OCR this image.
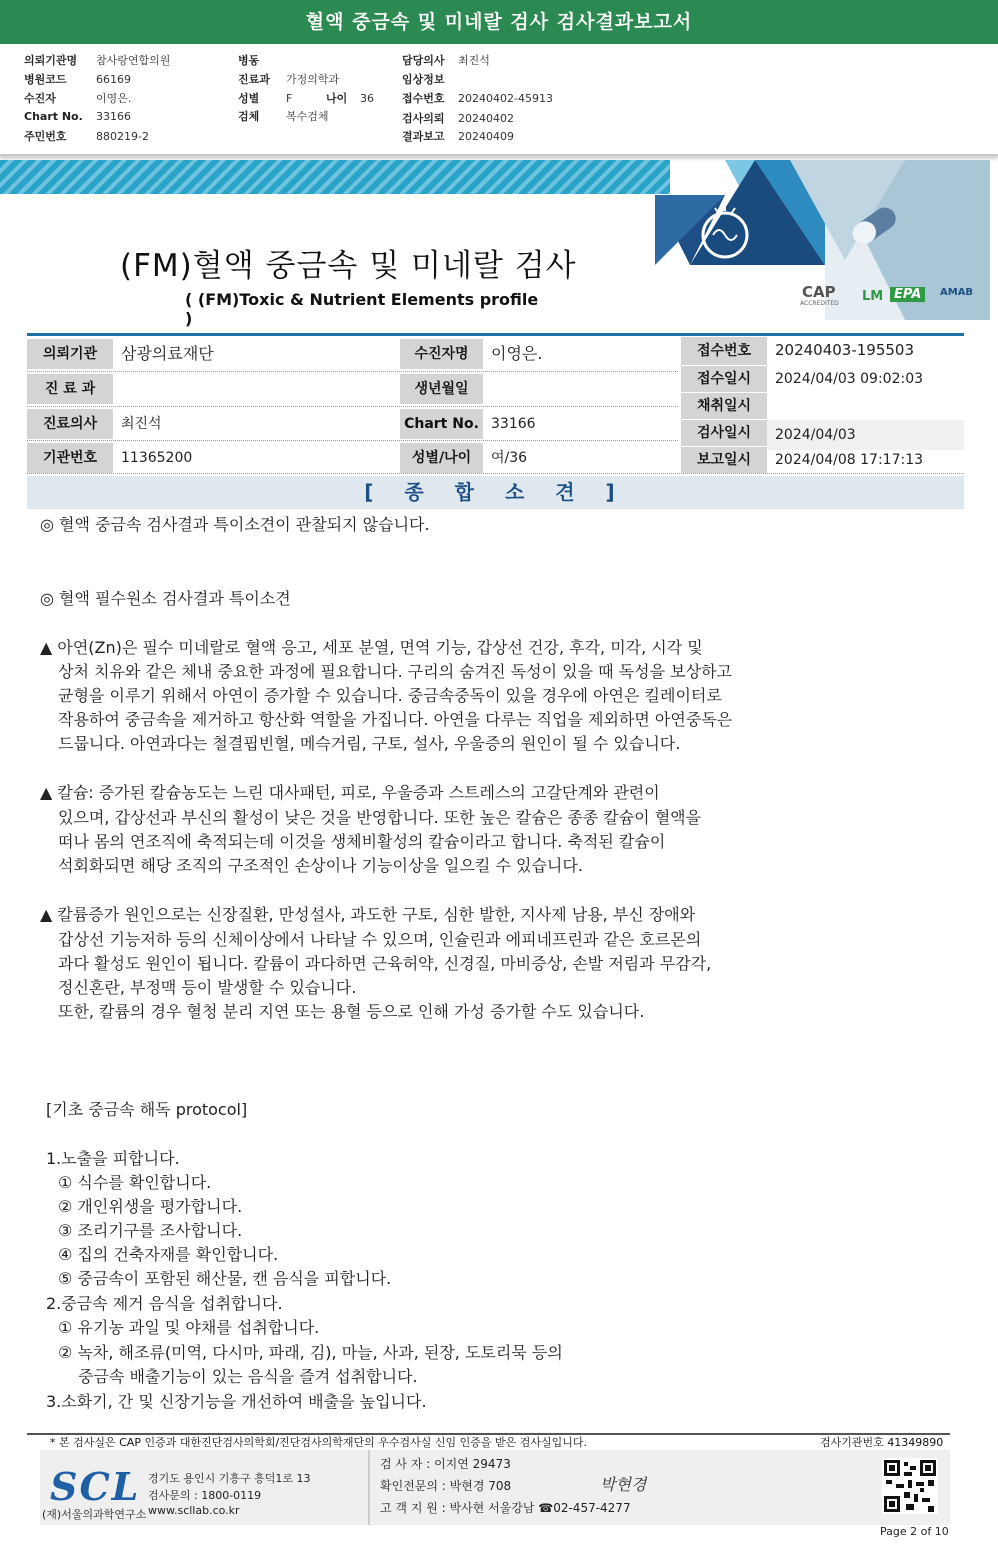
혈액 중금속 및 미네랄 검사 검사결과보고서
의뢰기관명 참사랑연합의원
병원코드	66169
수진자	이영은.
Chart No. 33166
주민번호	880219-2
병동
진료과 가정의학과
성별 F	나이 36
검체 복수검체
담당의사 최진석
임상정보
접수번호 20240402-45913
검사의뢰 20240402
결과보고 20240409
(FM)혈액 중금속 및 미네랄 검사
( (FM)Toxic & Nutrient Elements profile )
CAP
ACCREDITED LM EPA	AMAB
의뢰기관	삼광의료재단
진 료 과
진료의사	최진석
기관번호	11365200
수진자명	이영은.
생년월일
Chart No. 33166
성별/나이	여/36
접수번호	20240403-195503
접수일시	2024/04/03 09:02:03
채취일시
검사일시	2024/04/03
보고일시	2024/04/08 17:17:13
[ 종 합 소 견 ]
◎ 혈액 중금속 검사결과 특이소견이 관찰되지 않습니다.
◎ 혈액 필수원소 검사결과 특이소견
▲ 아연(Zn)은 필수 미네랄로 혈액 응고, 세포 분열, 면역 기능, 갑상선 건강, 후각, 미각, 시각 및
상처 치유와 같은 체내 중요한 과정에 필요합니다. 구리의 숨겨진 독성이 있을 때 독성을 보상하고
균형을 이루기 위해서 아연이 증가할 수 있습니다. 중금속중독이 있을 경우에 아연은 킬레이터로
작용하여 중금속을 제거하고 항산화 역할을 가집니다. 아연을 다루는 직업을 제외하면 아연중독은
드뭅니다. 아연과다는 철결핍빈혈, 메슥거림, 구토, 설사, 우울증의 원인이 될 수 있습니다.
▲ 칼슘: 증가된 칼슘농도는 느린 대사패턴, 피로, 우울증과 스트레스의 고갈단계와 관련이
있으며, 갑상선과 부신의 활성이 낮은 것을 반영합니다. 또한 높은 칼슘은 종종 칼슘이 혈액을
떠나 몸의 연조직에 축적되는데 이것을 생체비활성의 칼슘이라고 합니다. 축적된 칼슘이
석회화되면 해당 조직의 구조적인 손상이나 기능이상을 일으킬 수 있습니다.
▲ 칼륨증가 원인으로는 신장질환, 만성설사, 과도한 구토, 심한 발한, 지사제 남용, 부신 장애와
갑상선 기능저하 등의 신체이상에서 나타날 수 있으며, 인슐린과 에피네프린과 같은 호르몬의
과다 활성도 원인이 됩니다. 칼륨이 과다하면 근육허약, 신경질, 마비증상, 손발 저림과 무감각,
정신혼란, 부정맥 등이 발생할 수 있습니다.
또한, 칼륨의 경우 혈청 분리 지연 또는 용혈 등으로 인해 가성 증가할 수도 있습니다.
[기초 중금속 해독 protocol]
1.노출을 피합니다.
① 식수를 확인합니다.
② 개인위생을 평가합니다.
③ 조리기구를 조사합니다.
④ 집의 건축자재를 확인합니다.
⑤ 중금속이 포함된 해산물, 캔 음식을 피합니다.
2.중금속 제거 음식을 섭취합니다.
① 유기농 과일 및 야채를 섭취합니다.
② 녹차, 해조류(미역, 다시마, 파래, 김), 마늘, 사과, 된장, 도토리묵 등의
중금속 배출기능이 있는 음식을 즐겨 섭취합니다.
3.소화기, 간 및 신장기능을 개선하여 배출을 높입니다.
* 본 검사실은 CAP 인증과 대한진단검사의학회/진단검사의학재단의 우수검사실 신임 인증을 받은 검사실입니다.	검사기관번호 41349890
SCL
(재)서울의과학연구소
경기도 용인시 기흥구 흥덕1로 13
검사문의 : 1800-0119
www.scllab.co.kr
검 사 자 : 이지연 29473
확인전문의 : 박현경 708
고 객 지 원 : 박사현 서울강남 ☎02-457-4277
박현경
Page 2 of 10
